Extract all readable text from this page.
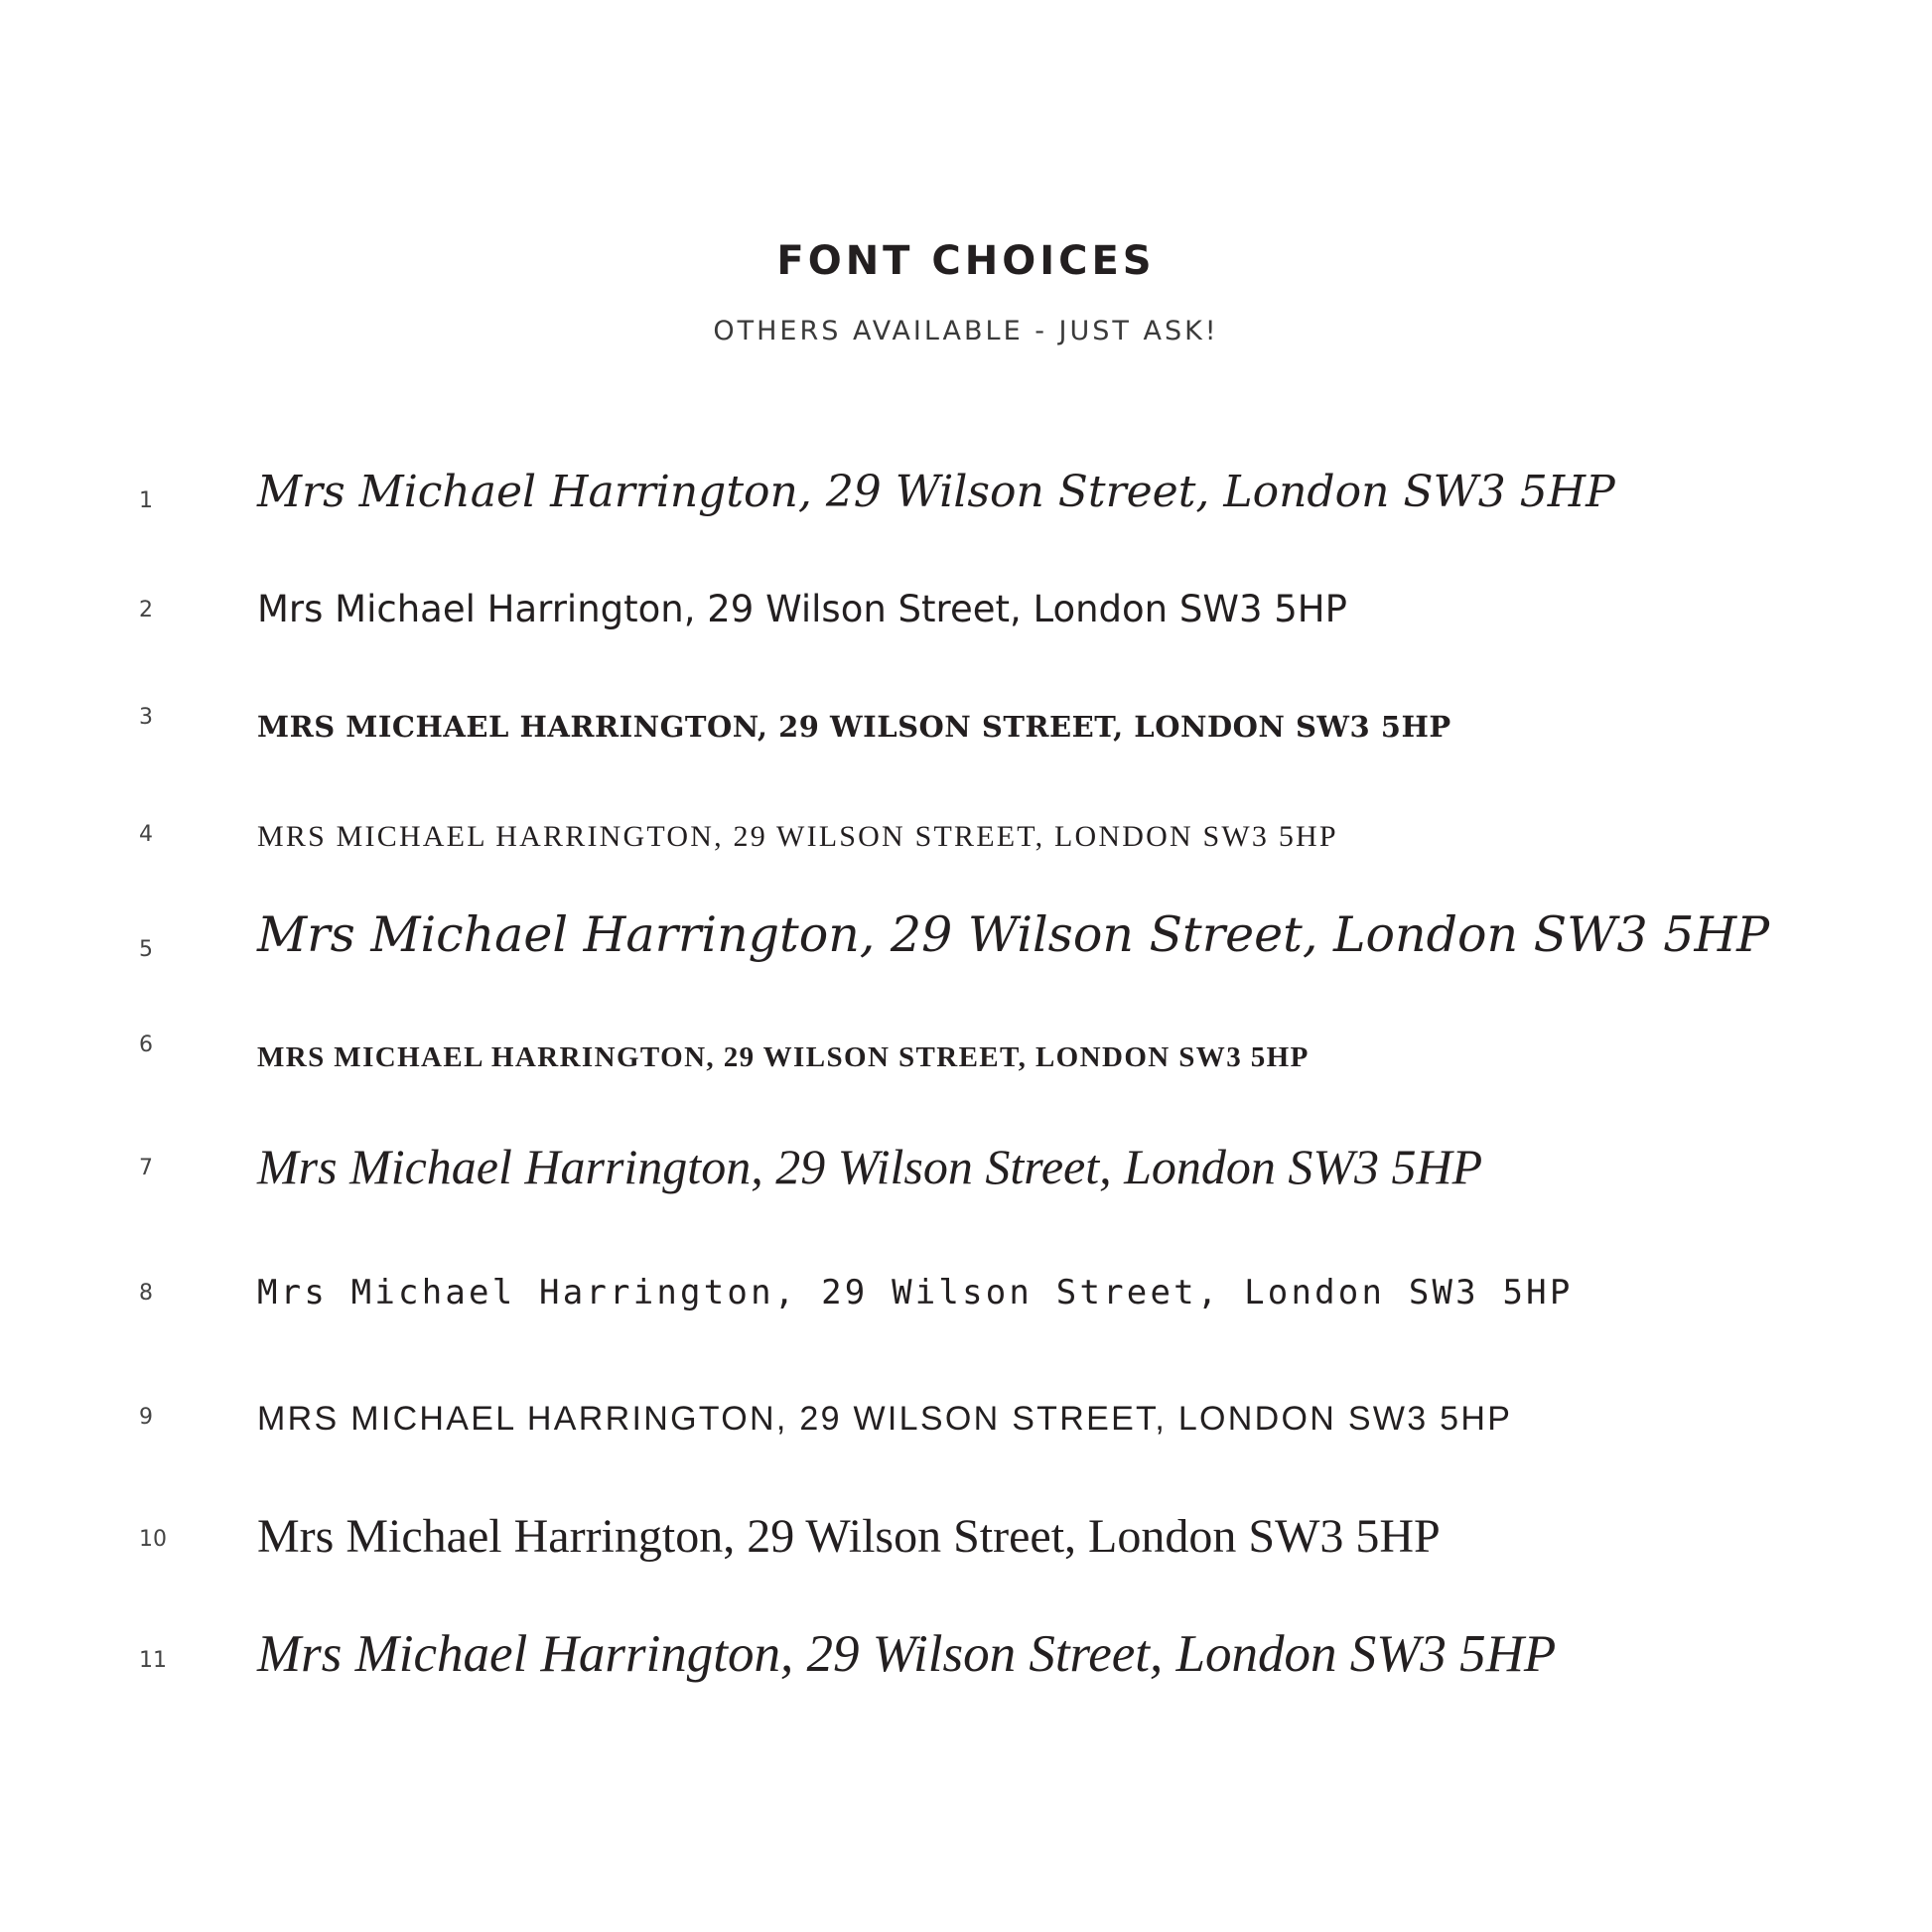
FONT CHOICES
OTHERS AVAILABLE - JUST ASK!
1 Mrs Michael Harrington, 29 Wilson Street, London SW3 5HP
2	Mrs Michael Harrington, 29 Wilson Street, London SW3 5HP
3	MRS MICHAEL HARRINGTON, 29 WILSON STREET, LONDON SW3 5HP
4	MRS MICHAEL HARRINGTON, 29 WILSON STREET, LONDON SW3 5HP
5 Mrs Michael Harrington, 29 Wilson Street, London SW3 5HP
6	MRS MICHAEL HARRINGTON, 29 WILSON STREET, LONDON SW3 5HP
7 Mrs Michael Harrington, 29 Wilson Street, London SW3 5HP
8	Mrs Michael Harrington, 29 Wilson Street, London SW3 5HP
9	MRS MICHAEL HARRINGTON, 29 WILSON STREET, LONDON SW3 5HP
10 Mrs Michael Harrington, 29 Wilson Street, London SW3 5HP
11 Mrs Michael Harrington, 29 Wilson Street, London SW3 5HP
